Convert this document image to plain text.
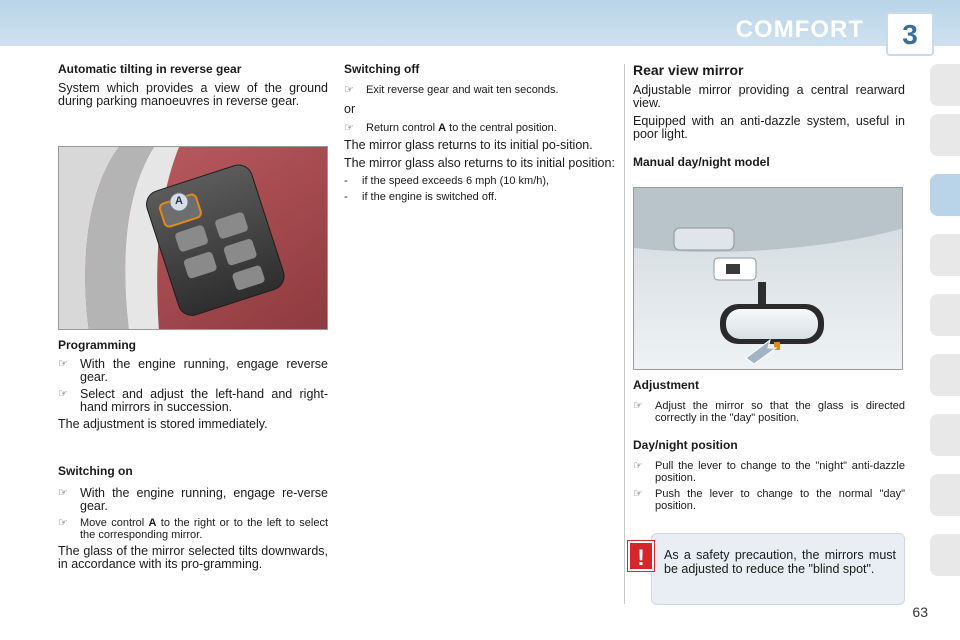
COMFORT	3
Automatic tilting in reverse gear

System which provides a view of the ground during parking manoeuvres in reverse gear.

A
Programming
☞ With the engine running, engage reverse gear.
☞ Select and adjust the left-hand and right-hand mirrors in succession.

The adjustment is stored immediately.

Switching on
☞ With the engine running, engage re-verse gear.
☞	Move control A to the right or to the left to select the corresponding mirror.

The glass of the mirror selected tilts downwards, in accordance with its pro-gramming.

Switching off
☞	Exit reverse gear and wait ten seconds.

or

☞	Return control A to the central position.

The mirror glass returns to its initial po-sition.

The mirror glass also returns to its initial position:

-	if the speed exceeds 6 mph (10 km/h),
-	if the engine is switched off.
Rear view mirror

Adjustable mirror providing a central rearward view.

Equipped with an anti-dazzle system, useful in poor light.

Manual day/night model
Adjustment
☞	Adjust the mirror so that the glass is directed correctly in the "day" position.
Day/night position
☞	Pull the lever to change to the "night" anti-dazzle position.
☞	Push the lever to change to the normal "day" position.

As a safety precaution, the mirrors must be adjusted to reduce the "blind spot".

!
63
